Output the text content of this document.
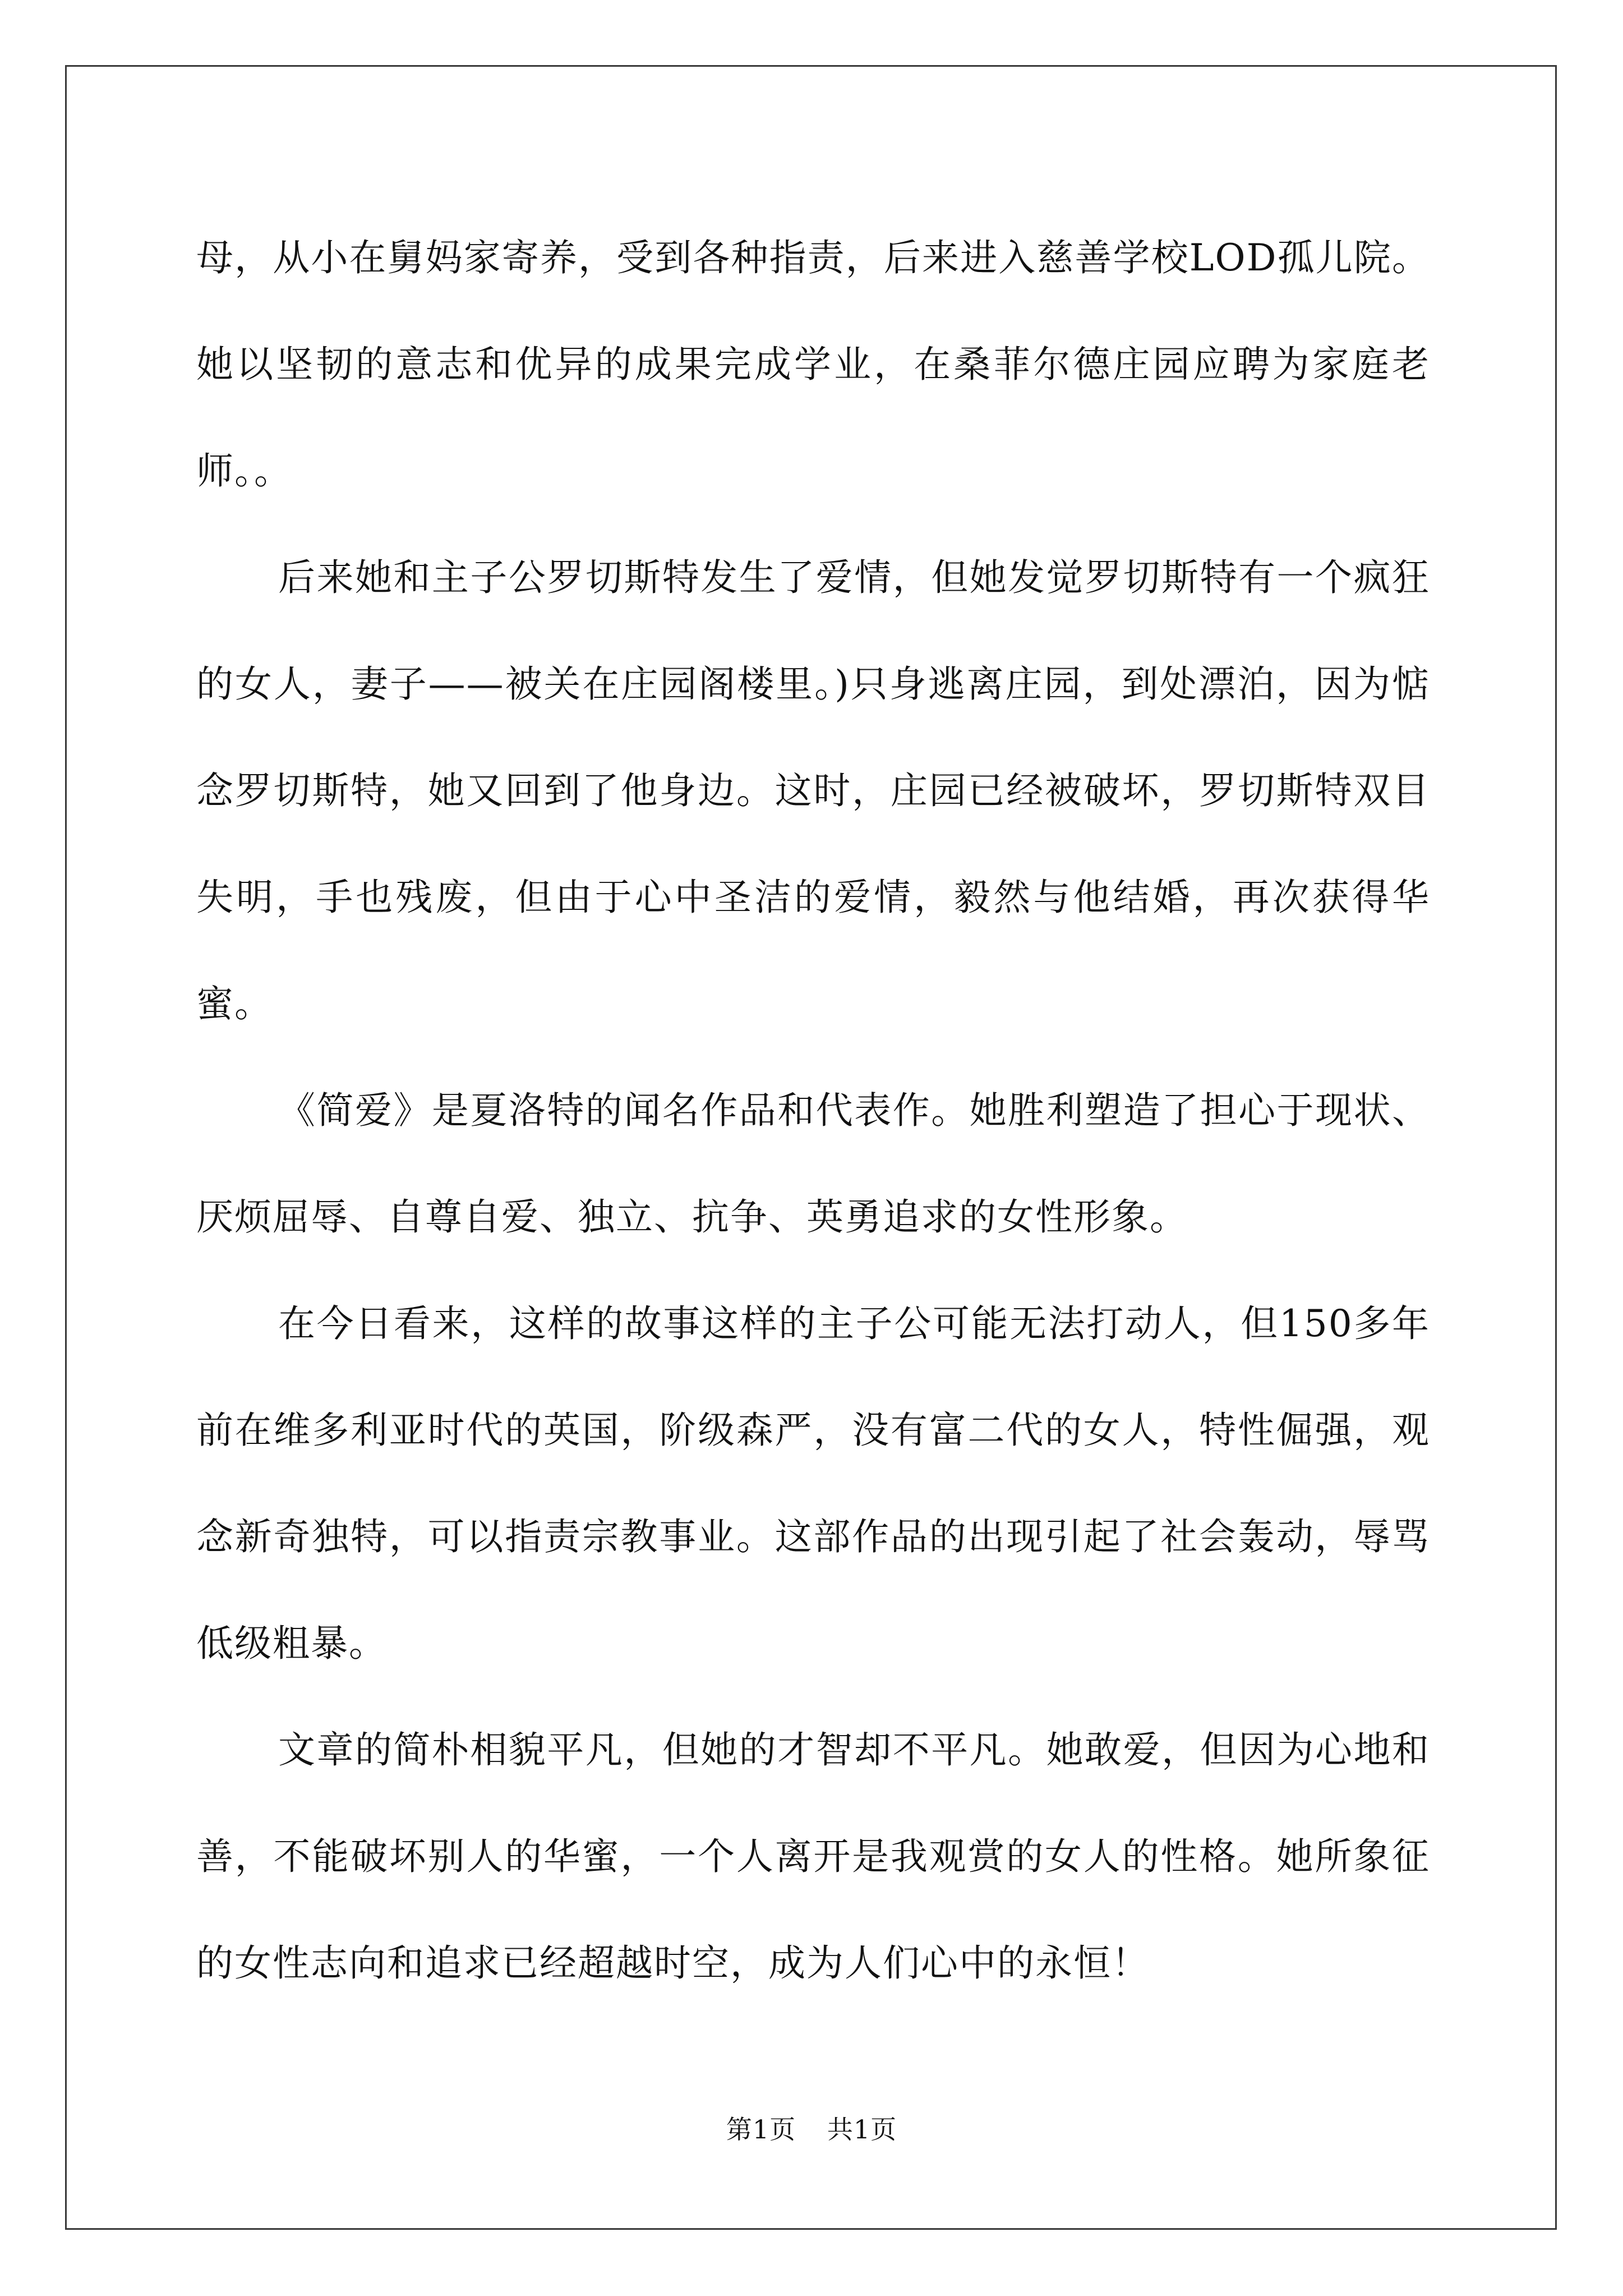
母，从小在舅妈家寄养，受到各种指责，后来进入慈善学校LOD孤儿院。她以坚韧的意志和优异的成果完成学业，在桑菲尔德庄园应聘为家庭老师。。

后来她和主子公罗切斯特发生了爱情，但她发觉罗切斯特有一个疯狂的女人，妻子——被关在庄园阁楼里。)只身逃离庄园，到处漂泊，因为惦念罗切斯特，她又回到了他身边。这时，庄园已经被破坏，罗切斯特双目失明，手也残废，但由于心中圣洁的爱情，毅然与他结婚，再次获得华蜜。

《简爱》是夏洛特的闻名作品和代表作。她胜利塑造了担心于现状、厌烦屈辱、自尊自爱、独立、抗争、英勇追求的女性形象。

在今日看来，这样的故事这样的主子公可能无法打动人，但150多年前在维多利亚时代的英国，阶级森严，没有富二代的女人，特性倔强，观念新奇独特，可以指责宗教事业。这部作品的出现引起了社会轰动，辱骂低级粗暴。

文章的简朴相貌平凡，但她的才智却不平凡。她敢爱，但因为心地和善，不能破坏别人的华蜜，一个人离开是我观赏的女人的性格。她所象征的女性志向和追求已经超越时空，成为人们心中的永恒！

第1页 共1页
